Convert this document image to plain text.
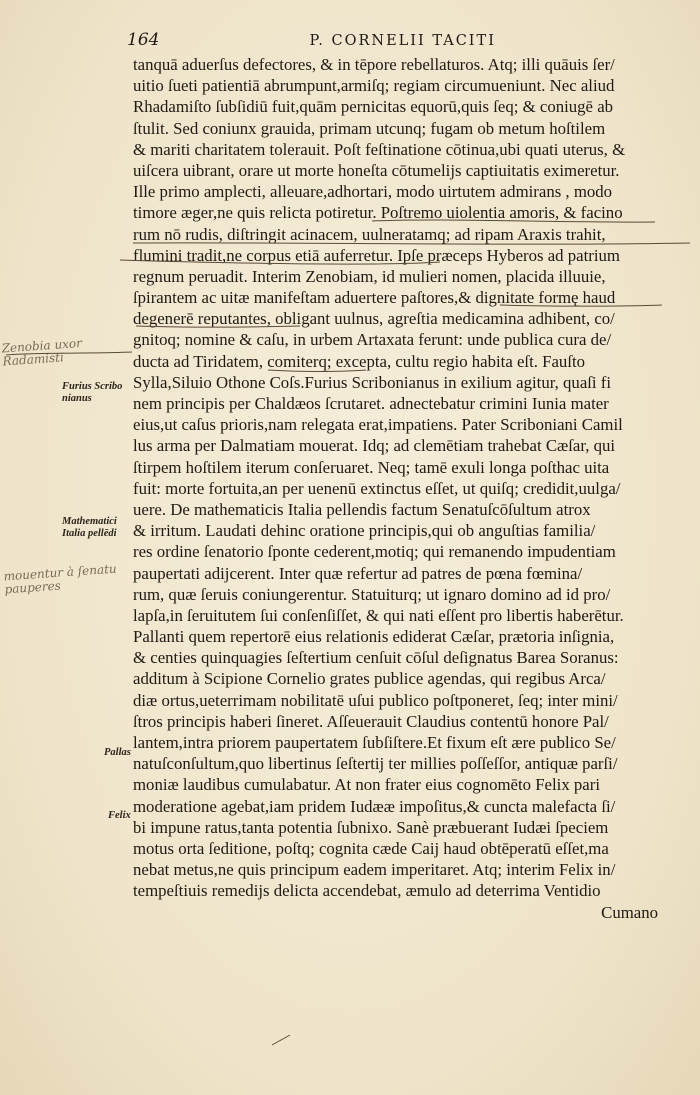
164	P. CORNELII TACITI
tanquā aduerſus defectores, & in tēpore rebellaturos. Atq; illi quāuis ſer/
uitio ſueti patientiā abrumpunt,armiſq; regiam circumueniunt. Nec aliud
Rhadamiſto ſubſidiū fuit,quām pernicitas equorū,quis ſeq; & coniugē ab
ſtulit. Sed coniunx grauida, primam utcunq; fugam ob metum hoſtilem
& mariti charitatem tolerauit. Poſt feſtinatione cōtinua,ubi quati uterus, &
uiſcera uibrant, orare ut morte honeſta cōtumelijs captiuitatis eximeretur.
Ille primo amplecti, alleuare,adhortari, modo uirtutem admirans , modo
timore æger,ne quis relicta potiretur. Poſtremo uiolentia amoris, & facino
rum nō rudis, diſtringit acinacem, uulneratamq; ad ripam Araxis trahit,
flumini tradit,ne corpus etiā auferretur. Ipſe præceps Hyberos ad patrium
regnum peruadit. Interim Zenobiam, id mulieri nomen, placida illuuie,
ſpirantem ac uitæ manifeſtam aduertere paſtores,& dignitate formę haud
degenerē reputantes, obligant uulnus, agreſtia medicamina adhibent, co/
gnitoq; nomine & caſu, in urbem Artaxata ferunt: unde publica cura de/
ducta ad Tiridatem, comiterq; excepta, cultu regio habita eſt. Fauſto
Sylla,Siluio Othone Coſs.Furius Scribonianus in exilium agitur, quaſi fi
nem principis per Chaldæos ſcrutaret. adnectebatur crimini Iunia mater
eius,ut caſus prioris,nam relegata erat,impatiens. Pater Scriboniani Camil
lus arma per Dalmatiam mouerat. Idq; ad clemētiam trahebat Cæſar, qui
ſtirpem hoſtilem iterum conſeruaret. Neq; tamē exuli longa poſthac uita
fuit: morte fortuita,an per uenenū extinctus eſſet, ut quiſq; credidit,uulga/
uere. De mathematicis Italia pellendis factum Senatuſcōſultum atrox
& irritum. Laudati dehinc oratione principis,qui ob anguſtias familia/
res ordine ſenatorio ſponte cederent,motiq; qui remanendo impudentiam
paupertati adijcerent. Inter quæ refertur ad patres de pœna fœmina/
rum, quæ ſeruis coniungerentur. Statuiturq; ut ignaro domino ad id pro/
lapſa,in ſeruitutem ſui conſenſiſſet, & qui nati eſſent pro libertis haberētur.
Pallanti quem repertorē eius relationis ediderat Cæſar, prætoria inſignia,
& centies quinquagies ſeſtertium cenſuit cōſul deſignatus Barea Soranus:
additum à Scipione Cornelio grates publice agendas, qui regibus Arca/
diæ ortus,ueterrimam nobilitatē uſui publico poſtponeret, ſeq; inter mini/
ſtros principis haberi ſineret. Aſſeuerauit Claudius contentū honore Pal/
lantem,intra priorem paupertatem ſubſiſtere.Et fixum eſt ære publico Se/
natuſconſultum,quo libertinus ſeſtertij ter millies poſſeſſor, antiquæ parſi/
moniæ laudibus cumulabatur. At non frater eius cognomēto Felix pari
moderatione agebat,iam pridem Iudææ impoſitus,& cuncta malefacta ſi/
bi impune ratus,tanta potentia ſubnixo. Sanè præbuerant Iudæi ſpeciem
motus orta ſeditione, poſtq; cognita cæde Caij haud obtēperatū eſſet,ma
nebat metus,ne quis principum eadem imperitaret. Atq; interim Felix in/
tempeſtiuis remedijs delicta accendebat, æmulo ad deterrima Ventidio
Cumano
Furius Scribo nianus
Mathematici Italia pellēdi
Pallas
Felix
Zenobia uxor Radamisti
mouentur à ſenatu pauperes
